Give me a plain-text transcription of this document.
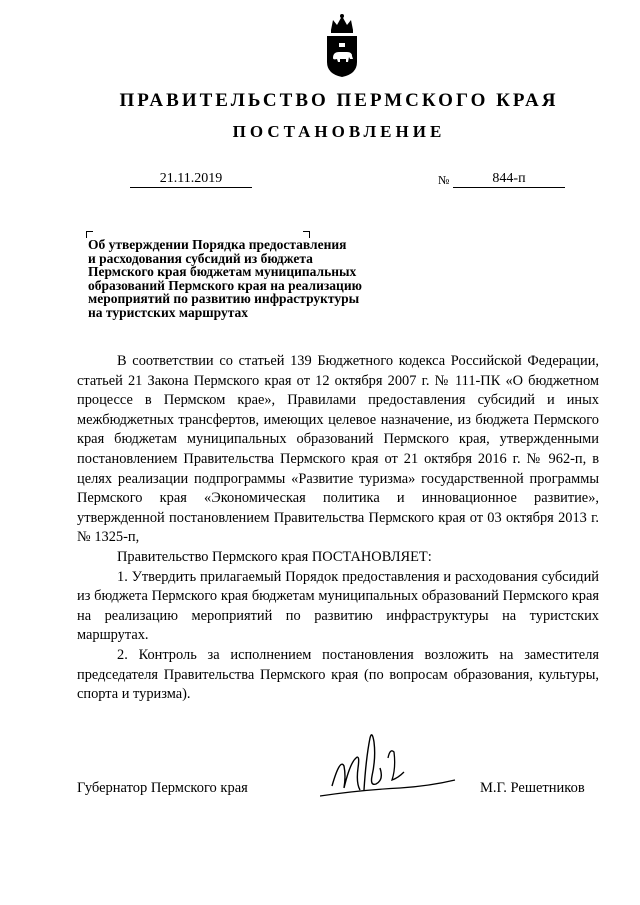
ПРАВИТЕЛЬСТВО ПЕРМСКОГО КРАЯ
ПОСТАНОВЛЕНИЕ
21.11.2019	№	844-п
Об утверждении Порядка предоставления
и расходования субсидий из бюджета
Пермского края бюджетам муниципальных
образований Пермского края на реализацию
мероприятий по развитию инфраструктуры
на туристских маршрутах

В соответствии со статьей 139 Бюджетного кодекса Российской Федерации, статьей 21 Закона Пермского края от 12 октября 2007 г. № 111-ПК «О бюджетном процессе в Пермском крае», Правилами предоставления субсидий и иных межбюджетных трансфертов, имеющих целевое назначение, из бюджета Пермского края бюджетам муниципальных образований Пермского края, утвержденными постановлением Правительства Пермского края от 21 октября 2016 г. № 962-п, в целях реализации подпрограммы «Развитие туризма» государственной программы Пермского края «Экономическая политика и инновационное развитие», утвержденной постановлением Правительства Пермского края от 03 октября 2013 г. № 1325-п,

Правительство Пермского края ПОСТАНОВЛЯЕТ:

1. Утвердить прилагаемый Порядок предоставления и расходования субсидий из бюджета Пермского края бюджетам муниципальных образований Пермского края на реализацию мероприятий по развитию инфраструктуры на туристских маршрутах.

2. Контроль за исполнением постановления возложить на заместителя председателя Правительства Пермского края (по вопросам образования, культуры, спорта и туризма).

Губернатор Пермского края	М.Г. Решетников
